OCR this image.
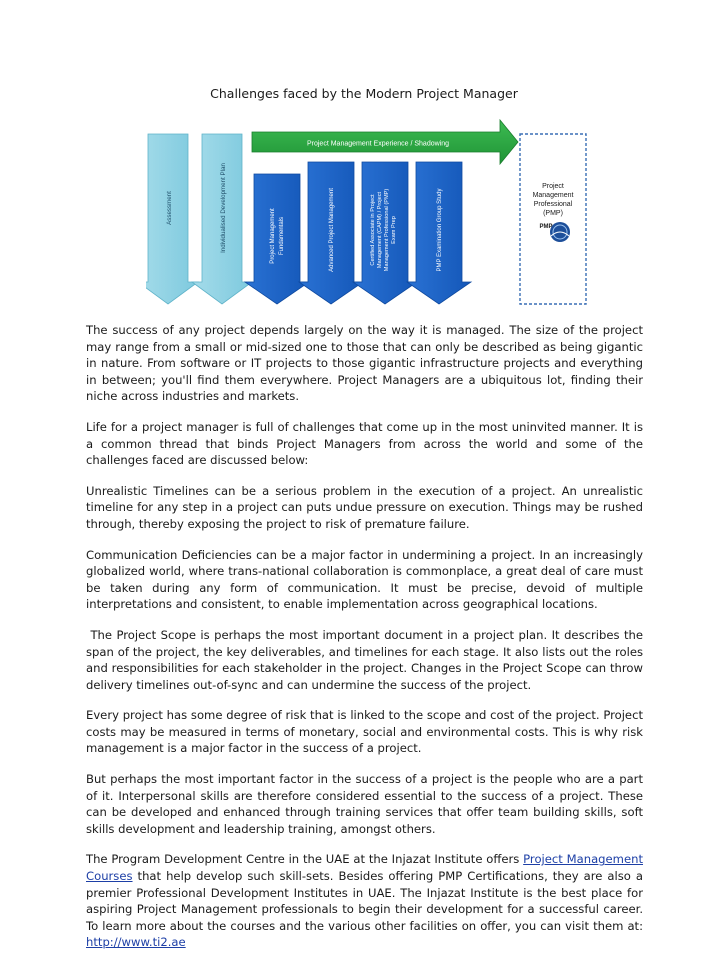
Challenges faced by the Modern Project Manager
Project Management Experience / Shadowing
Assessment	Individualised Development Plan	Project Management Fundamentals	Advanced Project Management	Certified Associate in Project Management (CAPM) / Project Management Professional (PMP) Exam Prep	PMP Examination Group Study
Project
Management
Professional
(PMP)
PMP

The success of any project depends largely on the way it is managed. The size of the project may range from a small or mid-sized one to those that can only be described as being gigantic in nature. From software or IT projects to those gigantic infrastructure projects and everything in between; you'll find them everywhere. Project Managers are a ubiquitous lot, finding their niche across industries and markets.

Life for a project manager is full of challenges that come up in the most uninvited manner. It is a common thread that binds Project Managers from across the world and some of the challenges faced are discussed below:

Unrealistic Timelines can be a serious problem in the execution of a project. An unrealistic timeline for any step in a project can puts undue pressure on execution. Things may be rushed through, thereby exposing the project to risk of premature failure.

Communication Deficiencies can be a major factor in undermining a project. In an increasingly globalized world, where trans-national collaboration is commonplace, a great deal of care must be taken during any form of communication. It must be precise, devoid of multiple interpretations and consistent, to enable implementation across geographical locations.

The Project Scope is perhaps the most important document in a project plan. It describes the span of the project, the key deliverables, and timelines for each stage. It also lists out the roles and responsibilities for each stakeholder in the project. Changes in the Project Scope can throw delivery timelines out-of-sync and can undermine the success of the project.

Every project has some degree of risk that is linked to the scope and cost of the project. Project costs may be measured in terms of monetary, social and environmental costs. This is why risk management is a major factor in the success of a project.

But perhaps the most important factor in the success of a project is the people who are a part of it. Interpersonal skills are therefore considered essential to the success of a project. These can be developed and enhanced through training services that offer team building skills, soft skills development and leadership training, amongst others.

The Program Development Centre in the UAE at the Injazat Institute offers Project Management Courses that help develop such skill-sets. Besides offering PMP Certifications, they are also a premier Professional Development Institutes in UAE. The Injazat Institute is the best place for aspiring Project Management professionals to begin their development for a successful career. To learn more about the courses and the various other facilities on offer, you can visit them at: http://www.ti2.ae
